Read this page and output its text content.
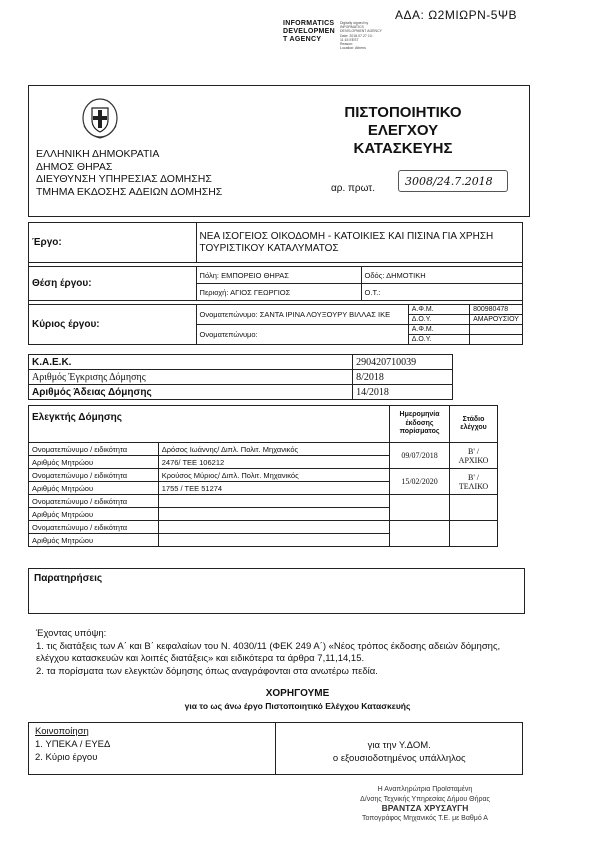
ΑΔΑ: Ω2ΜΙΩΡΝ-5ΨΒ
INFORMATICS
DEVELOPMEN
T AGENCY
Digitally signed by
INFORMATICS
DEVELOPMENT AGENCY
Date: 2018.07.27 10:
11:15 EEST
Reason:
Location: Athens
ΕΛΛΗΝΙΚΗ ΔΗΜΟΚΡΑΤΙΑ
ΔΗΜΟΣ ΘΗΡΑΣ
ΔΙΕΥΘΥΝΣΗ ΥΠΗΡΕΣΙΑΣ ΔΟΜΗΣΗΣ
ΤΜΗΜΑ ΕΚΔΟΣΗΣ ΑΔΕΙΩΝ ΔΟΜΗΣΗΣ
ΠΙΣΤΟΠΟΙΗΤΙΚΟ
ΕΛΕΓΧΟΥ
ΚΑΤΑΣΚΕΥΗΣ
αρ. πρωτ.
3008/24.7.2018
Έργο:	ΝΕΑ ΙΣΟΓΕΙΟΣ ΟΙΚΟΔΟΜΗ - ΚΑΤΟΙΚΙΕΣ ΚΑΙ ΠΙΣΙΝΑ ΓΙΑ ΧΡΗΣΗ ΤΟΥΡΙΣΤΙΚΟΥ ΚΑΤΑΛΥΜΑΤΟΣ			

Θέση έργου:	Πόλη: ΕΜΠΟΡΕΙΟ ΘΗΡΑΣ	Οδός: ΔΗΜΟΤΙΚΗ		
	Περιοχή: ΑΓΙΟΣ ΓΕΩΡΓΙΟΣ	Ο.Τ.:		

Κύριος έργου:	Ονοματεπώνυμο: ΣΑΝΤΑ ΙΡΙΝΑ ΛΟΥΞΟΥΡΥ ΒΙΛΛΑΣ ΙΚΕ		Α.Φ.Μ.	800980478
			Δ.Ο.Υ.	ΑΜΑΡΟΥΣΙΟΥ
	Ονοματεπώνυμο:		Α.Φ.Μ.	
			Δ.Ο.Υ.	
Κ.Α.Ε.Κ.	290420710039
Αριθμός Έγκρισης Δόμησης	8/2018
Αριθμός Άδειας Δόμησης	14/2018
Ελεγκτής Δόμησης		Ημερομηνία έκδοσης πορίσματος	Στάδιο ελέγχου
Ονοματεπώνυμο / ειδικότητα	Δρόσος Ιωάννης/ Διπλ. Πολιτ. Μηχανικός	09/07/2018	Β' / ΑΡΧΙΚΟ
Αριθμός Μητρώου	2476/ ΤΕΕ 106212		
Ονοματεπώνυμο / ειδικότητα	Κρούσος Μύριος/ Διπλ. Πολιτ. Μηχανικός	15/02/2020	Β' / ΤΕΛΙΚΟ
Αριθμός Μητρώου	1755 / ΤΕΕ 51274		
Ονοματεπώνυμο / ειδικότητα			
Αριθμός Μητρώου			
Ονοματεπώνυμο / ειδικότητα			
Αριθμός Μητρώου			
Παρατηρήσεις
Έχοντας υπόψη:
1. τις διατάξεις των Α΄ και Β΄ κεφαλαίων του Ν. 4030/11 (ΦΕΚ 249 Α΄) «Νέος τρόπος έκδοσης αδειών δόμησης, ελέγχου κατασκευών και λοιπές διατάξεις» και ειδικότερα τα άρθρα 7,11,14,15.
2. τα πορίσματα των ελεγκτών δόμησης όπως αναγράφονται στα ανωτέρω πεδία.
ΧΟΡΗΓΟΥΜΕ
για το ως άνω έργο Πιστοποιητικό Ελέγχου Κατασκευής
Κοινοποίηση
1. ΥΠΕΚΑ / ΕΥΕΔ
2. Κύριο έργου

για την Υ.ΔΟΜ.
ο εξουσιοδοτημένος υπάλληλος
Η Αναπληρώτρια Προϊσταμένη
Δ/νσης Τεχνικής Υπηρεσίας Δήμου Θήρας
ΒΡΑΝΤΖΑ ΧΡΥΣΑΥΓΗ
Τοπογράφος Μηχανικός Τ.Ε. με Βαθμό Α
